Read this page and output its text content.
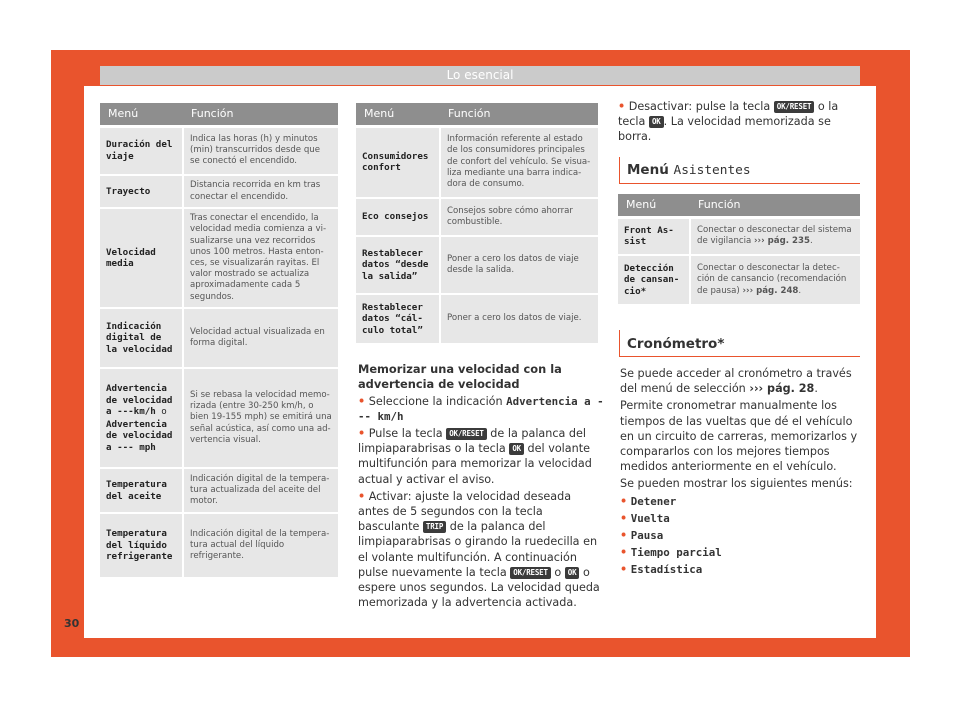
Lo esencial
Menú	Función
Duración del viaje	Indica las horas (h) y minutos (min) transcurridos desde que se conectó el encendido.
Trayecto	Distancia recorrida en km tras conectar el encendido.
Velocidad media	Tras conectar el encendido, la velocidad media comienza a visualizarse una vez recorridos unos 100 metros. Hasta entonces, se visualizarán rayitas. El valor mostrado se actualiza aproximadamente cada 5 segundos.
Indicación digital de la velocidad	Velocidad actual visualizada en forma digital.
Advertencia de velocidad a ---km/h o Advertencia de velocidad a --- mph	Si se rebasa la velocidad memorizada (entre 30-250 km/h, o bien 19-155 mph) se emitirá una señal acústica, así como una advertencia visual.
Temperatura del aceite	Indicación digital de la temperatura actualizada del aceite del motor.
Temperatura del líquido refrigerante	Indicación digital de la temperatura actual del líquido refrigerante.
Menú	Función
Consumidores confort	Información referente al estado de los consumidores principales de confort del vehículo. Se visualiza mediante una barra indicadora de consumo.
Eco consejos	Consejos sobre cómo ahorrar combustible.
Restablecer datos “desde la salida”	Poner a cero los datos de viaje desde la salida.
Restablecer datos “cálculo total”	Poner a cero los datos de viaje.
Memorizar una velocidad con la advertencia de velocidad

• Seleccione la indicación Advertencia a --- km/h

• Pulse la tecla OK/RESET de la palanca del limpiaparabrisas o la tecla OK del volante multifunción para memorizar la velocidad actual y activar el aviso.

• Activar: ajuste la velocidad deseada antes de 5 segundos con la tecla basculante TRIP de la palanca del limpiaparabrisas o girando la ruedecilla en el volante multifunción. A continuación pulse nuevamente la tecla OK/RESET o OK o espere unos segundos. La velocidad queda memorizada y la advertencia activada.

• Desactivar: pulse la tecla OK/RESET o la tecla OK . La velocidad memorizada se borra.

Menú Asistentes
Menú	Función
Front Assist	Conectar o desconectar del sistema de vigilancia ››› pág. 235.
Detección de cansancio*	Conectar o desconectar la detección de cansancio (recomendación de pausa) ››› pág. 248.
Cronómetro*

Se puede acceder al cronómetro a través del menú de selección ››› pág. 28.

Permite cronometrar manualmente los tiempos de las vueltas que dé el vehículo en un circuito de carreras, memorizarlos y compararlos con los mejores tiempos medidos anteriormente en el vehículo.

Se pueden mostrar los siguientes menús:

• Detener

• Vuelta

• Pausa

• Tiempo parcial

• Estadística

30
